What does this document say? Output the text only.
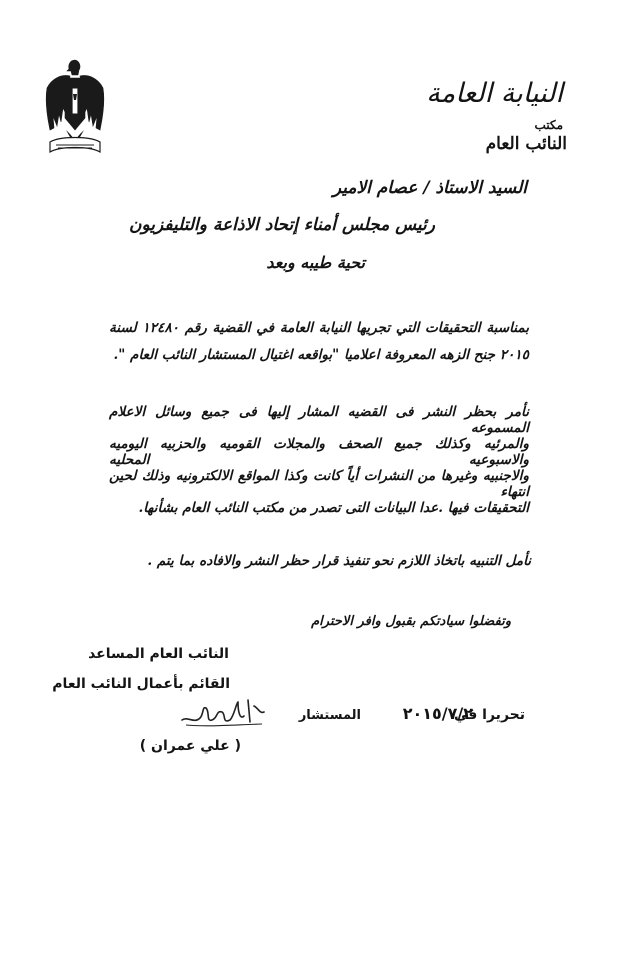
النيابة العامة
مكتب
النائب العام
السيد الاستاذ / عصام الامير
رئيس مجلس أمناء إتحاد الاذاعة والتليفزيون
تحية طيبه وبعد
بمناسبة التحقيقات التي تجريها النيابة العامة في القضية رقم ١٢٤٨٠ لسنة
٢٠١٥ جنح الزهه المعروفة اعلاميا "بواقعه اغتيال المستشار النائب العام ".
نأمر بحظر النشر فى القضيه المشار إليها فى جميع وسائل الاعلام المسموعه
والمرئيه وكذلك جميع الصحف والمجلات القوميه والحزبيه اليوميه والاسبوعيه المحليه
والاجنبيه وغيرها من النشرات أياً كانت وكذا المواقع الالكترونيه وذلك لحين انتهاء
التحقيقات فيها .عدا البيانات التى تصدر من مكتب النائب العام بشأنها.
نأمل التنبيه باتخاذ اللازم نحو تنفيذ قرار حظر النشر والافاده بما يتم .
وتفضلوا سيادتكم بقبول وافر الاحترام
النائب العام المساعد
القائم بأعمال النائب العام
تحريرا في
٢٠١٥/٧/٢
المستشار
( علي عمران )
